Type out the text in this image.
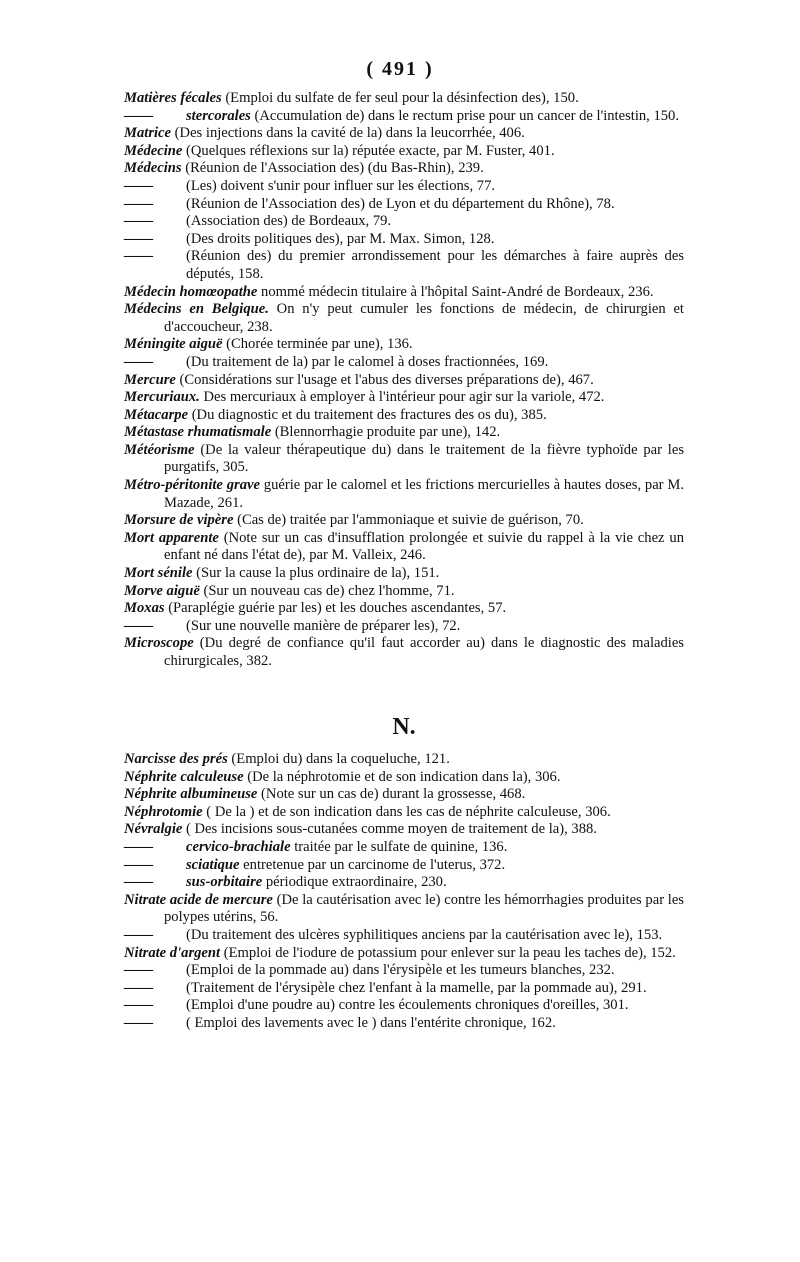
( 491 )
Matières fécales (Emploi du sulfate de fer seul pour la désinfection des), 150.
——stercorales (Accumulation de) dans le rectum prise pour un cancer de l'intestin, 150.
Matrice (Des injections dans la cavité de la) dans la leucorrhée, 406.
Médecine (Quelques réflexions sur la) réputée exacte, par M. Fuster, 401.
Médecins (Réunion de l'Association des) (du Bas-Rhin), 239.
——(Les) doivent s'unir pour influer sur les élections, 77.
——(Réunion de l'Association des) de Lyon et du département du Rhône), 78.
——(Association des) de Bordeaux, 79.
——(Des droits politiques des), par M. Max. Simon, 128.
——(Réunion des) du premier arrondissement pour les démarches à faire auprès des députés, 158.
Médecin homœopathe nommé médecin titulaire à l'hôpital Saint-André de Bordeaux, 236.
Médecins en Belgique. On n'y peut cumuler les fonctions de médecin, de chirurgien et d'accoucheur, 238.
Méningite aiguë (Chorée terminée par une), 136.
——(Du traitement de la) par le calomel à doses fractionnées, 169.
Mercure (Considérations sur l'usage et l'abus des diverses préparations de), 467.
Mercuriaux. Des mercuriaux à employer à l'intérieur pour agir sur la variole, 472.
Métacarpe (Du diagnostic et du traitement des fractures des os du), 385.
Métastase rhumatismale (Blennorrhagie produite par une), 142.
Météorisme (De la valeur thérapeutique du) dans le traitement de la fièvre typhoïde par les purgatifs, 305.
Métro-péritonite grave guérie par le calomel et les frictions mercurielles à hautes doses, par M. Mazade, 261.
Morsure de vipère (Cas de) traitée par l'ammoniaque et suivie de guérison, 70.
Mort apparente (Note sur un cas d'insufflation prolongée et suivie du rappel à la vie chez un enfant né dans l'état de), par M. Valleix, 246.
Mort sénile (Sur la cause la plus ordinaire de la), 151.
Morve aiguë (Sur un nouveau cas de) chez l'homme, 71.
Moxas (Paraplégie guérie par les) et les douches ascendantes, 57.
——(Sur une nouvelle manière de préparer les), 72.
Microscope (Du degré de confiance qu'il faut accorder au) dans le diagnostic des maladies chirurgicales, 382.
N.
Narcisse des prés (Emploi du) dans la coqueluche, 121.
Néphrite calculeuse (De la néphrotomie et de son indication dans la), 306.
Néphrite albumineuse (Note sur un cas de) durant la grossesse, 468.
Néphrotomie ( De la ) et de son indication dans les cas de néphrite calculeuse, 306.
Névralgie ( Des incisions sous-cutanées comme moyen de traitement de la), 388.
——cervico-brachiale traitée par le sulfate de quinine, 136.
——sciatique entretenue par un carcinome de l'uterus, 372.
——sus-orbitaire périodique extraordinaire, 230.
Nitrate acide de mercure (De la cautérisation avec le) contre les hémorrhagies produites par les polypes utérins, 56.
——(Du traitement des ulcères syphilitiques anciens par la cautérisation avec le), 153.
Nitrate d'argent (Emploi de l'iodure de potassium pour enlever sur la peau les taches de), 152.
——(Emploi de la pommade au) dans l'érysipèle et les tumeurs blanches, 232.
——(Traitement de l'érysipèle chez l'enfant à la mamelle, par la pommade au), 291.
——(Emploi d'une poudre au) contre les écoulements chroniques d'oreilles, 301.
——( Emploi des lavements avec le ) dans l'entérite chronique, 162.
